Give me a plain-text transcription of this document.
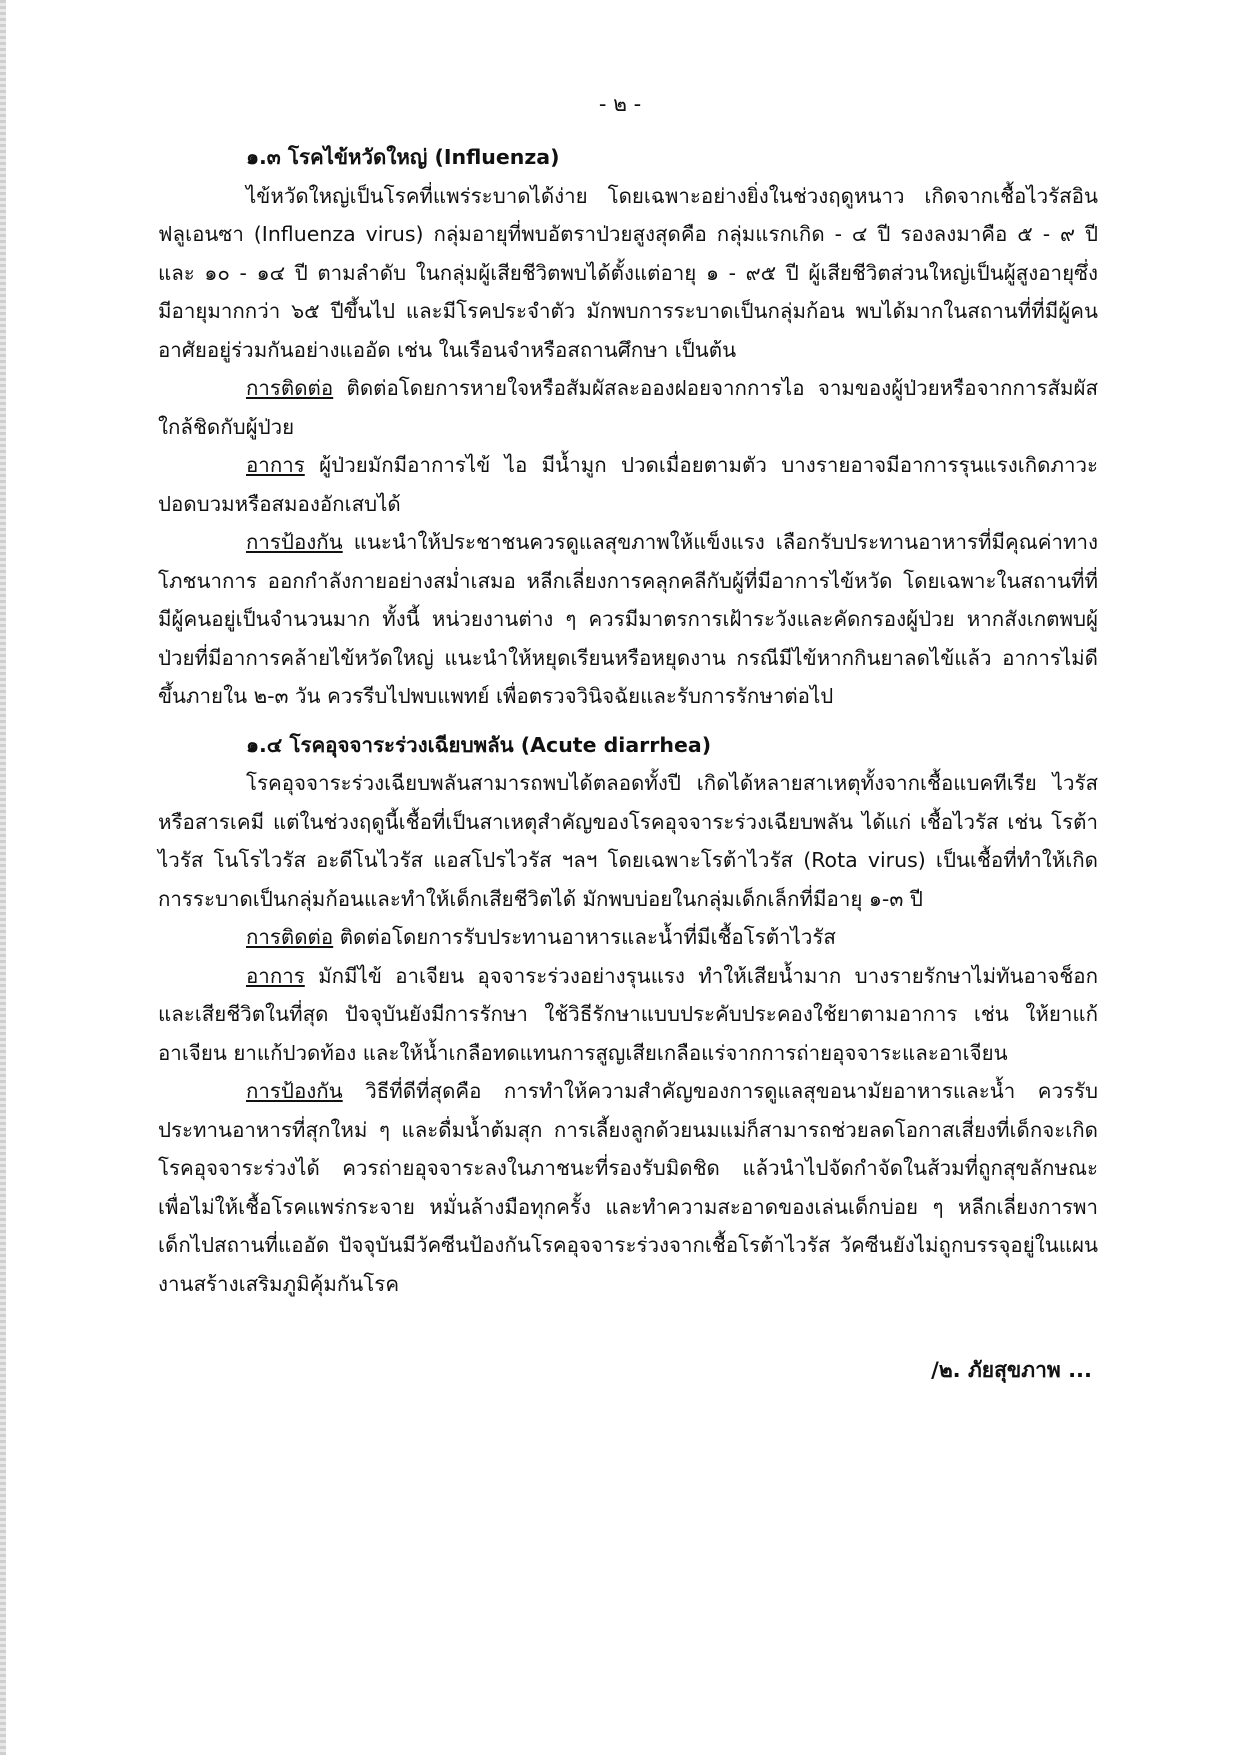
- ๒ -

๑.๓ โรคไข้หวัดใหญ่ (Influenza)

ไข้หวัดใหญ่เป็นโรคที่แพร่ระบาดได้ง่าย โดยเฉพาะอย่างยิ่งในช่วงฤดูหนาว เกิดจากเชื้อไวรัสอินฟลูเอนซา (Influenza virus) กลุ่มอายุที่พบอัตราป่วยสูงสุดคือ กลุ่มแรกเกิด - ๔ ปี รองลงมาคือ ๕ - ๙ ปี และ ๑๐ - ๑๔ ปี ตามลำดับ ในกลุ่มผู้เสียชีวิตพบได้ตั้งแต่อายุ ๑ - ๙๕ ปี ผู้เสียชีวิตส่วนใหญ่เป็นผู้สูงอายุซึ่งมีอายุมากกว่า ๖๕ ปีขึ้นไป และมีโรคประจำตัว มักพบการระบาดเป็นกลุ่มก้อน พบได้มากในสถานที่ที่มีผู้คนอาศัยอยู่ร่วมกันอย่างแออัด เช่น ในเรือนจำหรือสถานศึกษา เป็นต้น

การติดต่อ ติดต่อโดยการหายใจหรือสัมผัสละอองฝอยจากการไอ จามของผู้ป่วยหรือจากการสัมผัสใกล้ชิดกับผู้ป่วย

อาการ ผู้ป่วยมักมีอาการไข้ ไอ มีน้ำมูก ปวดเมื่อยตามตัว บางรายอาจมีอาการรุนแรงเกิดภาวะปอดบวมหรือสมองอักเสบได้

การป้องกัน แนะนำให้ประชาชนควรดูแลสุขภาพให้แข็งแรง เลือกรับประทานอาหารที่มีคุณค่าทางโภชนาการ ออกกำลังกายอย่างสม่ำเสมอ หลีกเลี่ยงการคลุกคลีกับผู้ที่มีอาการไข้หวัด โดยเฉพาะในสถานที่ที่มีผู้คนอยู่เป็นจำนวนมาก ทั้งนี้ หน่วยงานต่าง ๆ ควรมีมาตรการเฝ้าระวังและคัดกรองผู้ป่วย หากสังเกตพบผู้ป่วยที่มีอาการคล้ายไข้หวัดใหญ่ แนะนำให้หยุดเรียนหรือหยุดงาน กรณีมีไข้หากกินยาลดไข้แล้ว อาการไม่ดีขึ้นภายใน ๒-๓ วัน ควรรีบไปพบแพทย์ เพื่อตรวจวินิจฉัยและรับการรักษาต่อไป

๑.๔ โรคอุจจาระร่วงเฉียบพลัน (Acute diarrhea)

โรคอุจจาระร่วงเฉียบพลันสามารถพบได้ตลอดทั้งปี เกิดได้หลายสาเหตุทั้งจากเชื้อแบคทีเรีย ไวรัส หรือสารเคมี แต่ในช่วงฤดูนี้เชื้อที่เป็นสาเหตุสำคัญของโรคอุจจาระร่วงเฉียบพลัน ได้แก่ เชื้อไวรัส เช่น โรต้าไวรัส โนโรไวรัส อะดีโนไวรัส แอสโปรไวรัส ฯลฯ โดยเฉพาะโรต้าไวรัส (Rota virus) เป็นเชื้อที่ทำให้เกิดการระบาดเป็นกลุ่มก้อนและทำให้เด็กเสียชีวิตได้ มักพบบ่อยในกลุ่มเด็กเล็กที่มีอายุ ๑-๓ ปี

การติดต่อ ติดต่อโดยการรับประทานอาหารและน้ำที่มีเชื้อโรต้าไวรัส

อาการ มักมีไข้ อาเจียน อุจจาระร่วงอย่างรุนแรง ทำให้เสียน้ำมาก บางรายรักษาไม่ทันอาจช็อกและเสียชีวิตในที่สุด ปัจจุบันยังมีการรักษา ใช้วิธีรักษาแบบประคับประคองใช้ยาตามอาการ เช่น ให้ยาแก้อาเจียน ยาแก้ปวดท้อง และให้น้ำเกลือทดแทนการสูญเสียเกลือแร่จากการถ่ายอุจจาระและอาเจียน

การป้องกัน วิธีที่ดีที่สุดคือ การทำให้ความสำคัญของการดูแลสุขอนามัยอาหารและน้ำ ควรรับประทานอาหารที่สุกใหม่ ๆ และดื่มน้ำต้มสุก การเลี้ยงลูกด้วยนมแม่ก็สามารถช่วยลดโอกาสเสี่ยงที่เด็กจะเกิดโรคอุจจาระร่วงได้ ควรถ่ายอุจจาระลงในภาชนะที่รองรับมิดชิด แล้วนำไปจัดกำจัดในส้วมที่ถูกสุขลักษณะ เพื่อไม่ให้เชื้อโรคแพร่กระจาย หมั่นล้างมือทุกครั้ง และทำความสะอาดของเล่นเด็กบ่อย ๆ หลีกเลี่ยงการพาเด็กไปสถานที่แออัด ปัจจุบันมีวัคซีนป้องกันโรคอุจจาระร่วงจากเชื้อโรต้าไวรัส วัคซีนยังไม่ถูกบรรจุอยู่ในแผนงานสร้างเสริมภูมิคุ้มกันโรค

/๒. ภัยสุขภาพ ...
